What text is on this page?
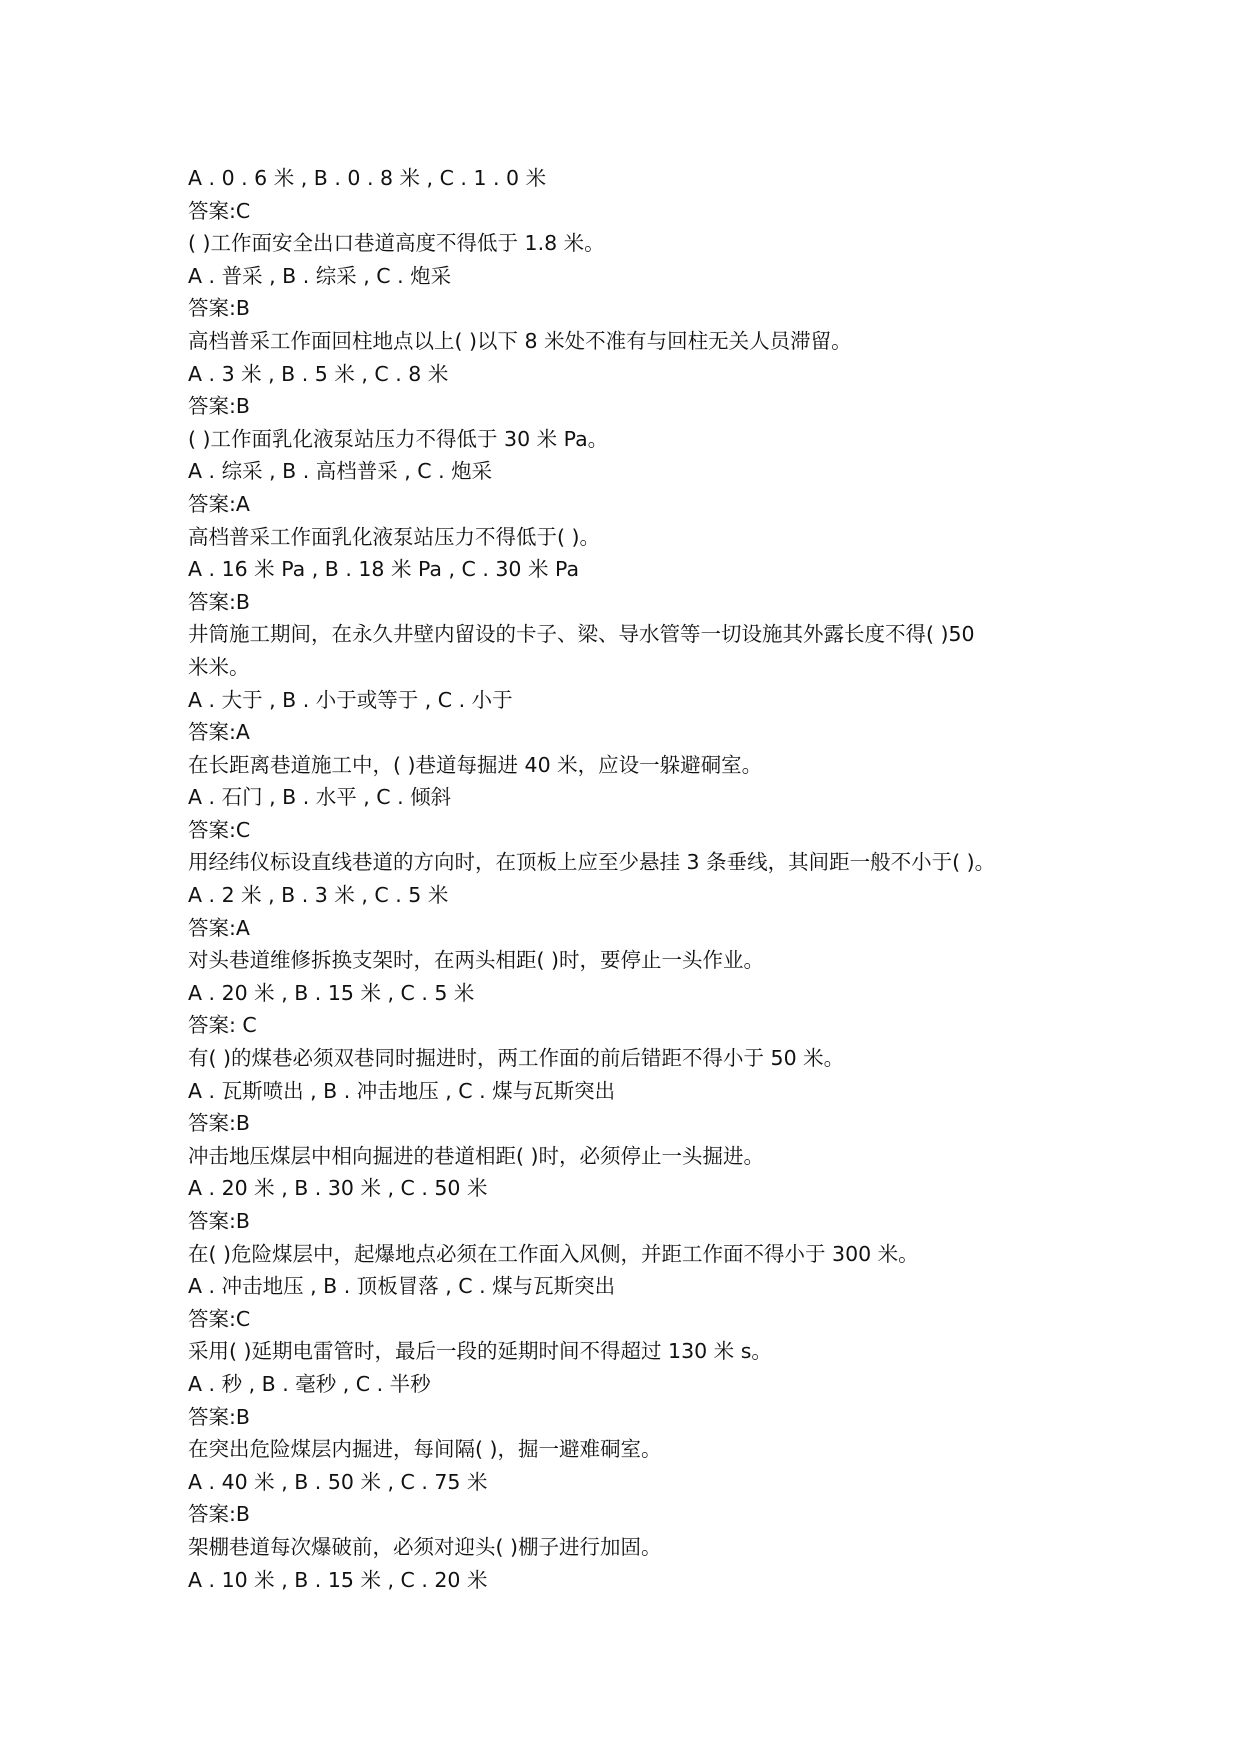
A . 0 . 6 米 , B . 0 . 8 米 , C . 1 . 0 米
答案:C
( )工作面安全出口巷道高度不得低于 1.8 米。
A . 普采 , B . 综采 , C . 炮采
答案:B
高档普采工作面回柱地点以上( )以下 8 米处不准有与回柱无关人员滞留。
A . 3 米 , B . 5 米 , C . 8 米
答案:B
( )工作面乳化液泵站压力不得低于 30 米 Pa。
A . 综采 , B . 高档普采 , C . 炮采
答案:A
高档普采工作面乳化液泵站压力不得低于( )。
A . 16 米 Pa , B . 18 米 Pa , C . 30 米 Pa
答案:B
井筒施工期间，在永久井壁内留设的卡子、梁、导水管等一切设施其外露长度不得( )50
米米。
A . 大于 , B . 小于或等于 , C . 小于
答案:A
在长距离巷道施工中，( )巷道每掘进 40 米，应设一躲避硐室。
A . 石门 , B . 水平 , C . 倾斜
答案:C
用经纬仪标设直线巷道的方向时，在顶板上应至少悬挂 3 条垂线，其间距一般不小于( )。
A . 2 米 , B . 3 米 , C . 5 米
答案:A
对头巷道维修拆换支架时，在两头相距( )时，要停止一头作业。
A . 20 米 , B . 15 米 , C . 5 米
答案: C
有( )的煤巷必须双巷同时掘进时，两工作面的前后错距不得小于 50 米。
A . 瓦斯喷出 , B . 冲击地压 , C . 煤与瓦斯突出
答案:B
冲击地压煤层中相向掘进的巷道相距( )时，必须停止一头掘进。
A . 20 米 , B . 30 米 , C . 50 米
答案:B
在( )危险煤层中，起爆地点必须在工作面入风侧，并距工作面不得小于 300 米。
A . 冲击地压 , B . 顶板冒落 , C . 煤与瓦斯突出
答案:C
采用( )延期电雷管时，最后一段的延期时间不得超过 130 米 s。
A . 秒 , B . 毫秒 , C . 半秒
答案:B
在突出危险煤层内掘进，每间隔( )，掘一避难硐室。
A . 40 米 , B . 50 米 , C . 75 米
答案:B
架棚巷道每次爆破前，必须对迎头( )棚子进行加固。
A . 10 米 , B . 15 米 , C . 20 米
